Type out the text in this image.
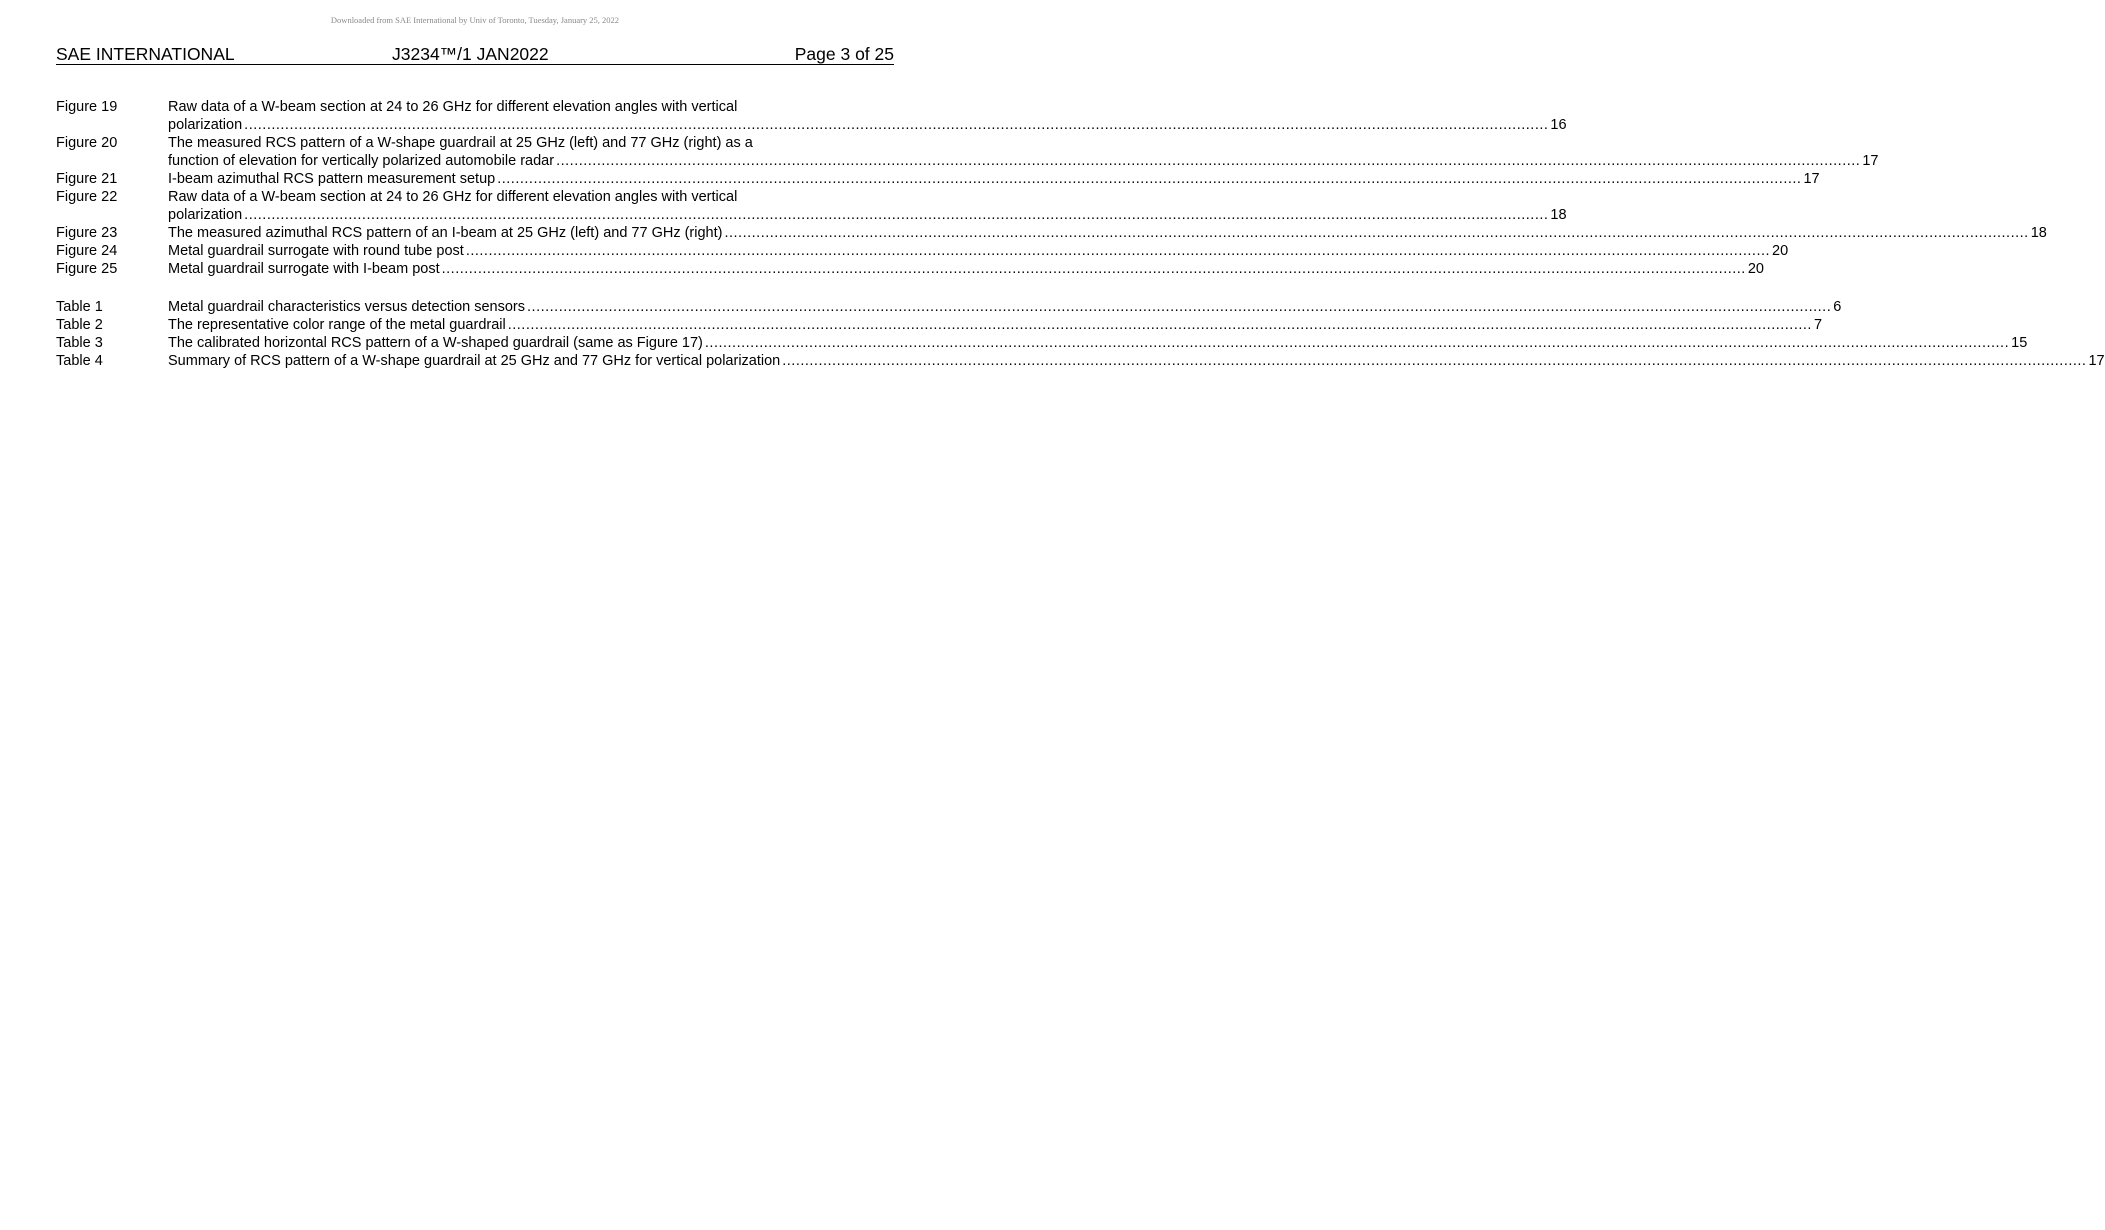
Downloaded from SAE International by Univ of Toronto, Tuesday, January 25, 2022
SAE INTERNATIONAL	J3234™/1 JAN2022	Page 3 of 25
Figure 19	Raw data of a W-beam section at 24 to 26 GHz for different elevation angles with vertical
polarization .....	16
Figure 20	The measured RCS pattern of a W-shape guardrail at 25 GHz (left) and 77 GHz (right) as a
function of elevation for vertically polarized automobile radar .....	17
Figure 21	I-beam azimuthal RCS pattern measurement setup .....	17
Figure 22	Raw data of a W-beam section at 24 to 26 GHz for different elevation angles with vertical
polarization .....	18
Figure 23	The measured azimuthal RCS pattern of an I-beam at 25 GHz (left) and 77 GHz (right) .....	18
Figure 24	Metal guardrail surrogate with round tube post .....	20
Figure 25	Metal guardrail surrogate with I-beam post .....	20
Table 1	Metal guardrail characteristics versus detection sensors .....	6
Table 2	The representative color range of the metal guardrail .....	7
Table 3	The calibrated horizontal RCS pattern of a W-shaped guardrail (same as Figure 17) .....	15
Table 4	Summary of RCS pattern of a W-shape guardrail at 25 GHz and 77 GHz for vertical polarization .....	17
